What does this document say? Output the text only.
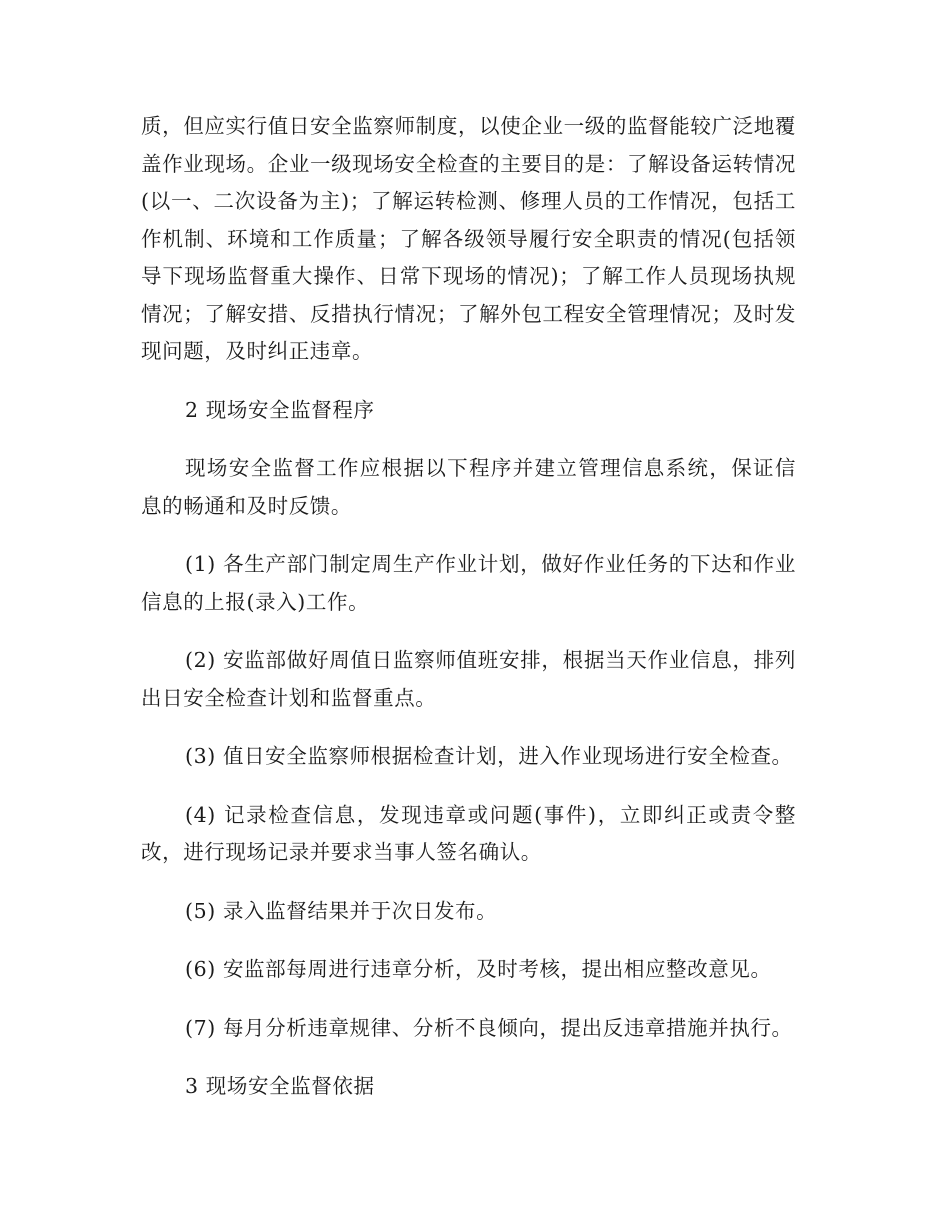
质，但应实行值日安全监察师制度，以使企业一级的监督能较广泛地覆盖作业现场。企业一级现场安全检查的主要目的是：了解设备运转情况(以一、二次设备为主)；了解运转检测、修理人员的工作情况，包括工作机制、环境和工作质量；了解各级领导履行安全职责的情况(包括领导下现场监督重大操作、日常下现场的情况)；了解工作人员现场执规情况；了解安措、反措执行情况；了解外包工程安全管理情况；及时发现问题，及时纠正违章。

2 现场安全监督程序

现场安全监督工作应根据以下程序并建立管理信息系统，保证信息的畅通和及时反馈。

(1) 各生产部门制定周生产作业计划，做好作业任务的下达和作业信息的上报(录入)工作。

(2) 安监部做好周值日监察师值班安排，根据当天作业信息，排列出日安全检查计划和监督重点。

(3) 值日安全监察师根据检查计划，进入作业现场进行安全检查。

(4) 记录检查信息，发现违章或问题(事件)，立即纠正或责令整改，进行现场记录并要求当事人签名确认。

(5) 录入监督结果并于次日发布。

(6) 安监部每周进行违章分析，及时考核，提出相应整改意见。

(7) 每月分析违章规律、分析不良倾向，提出反违章措施并执行。

3 现场安全监督依据
